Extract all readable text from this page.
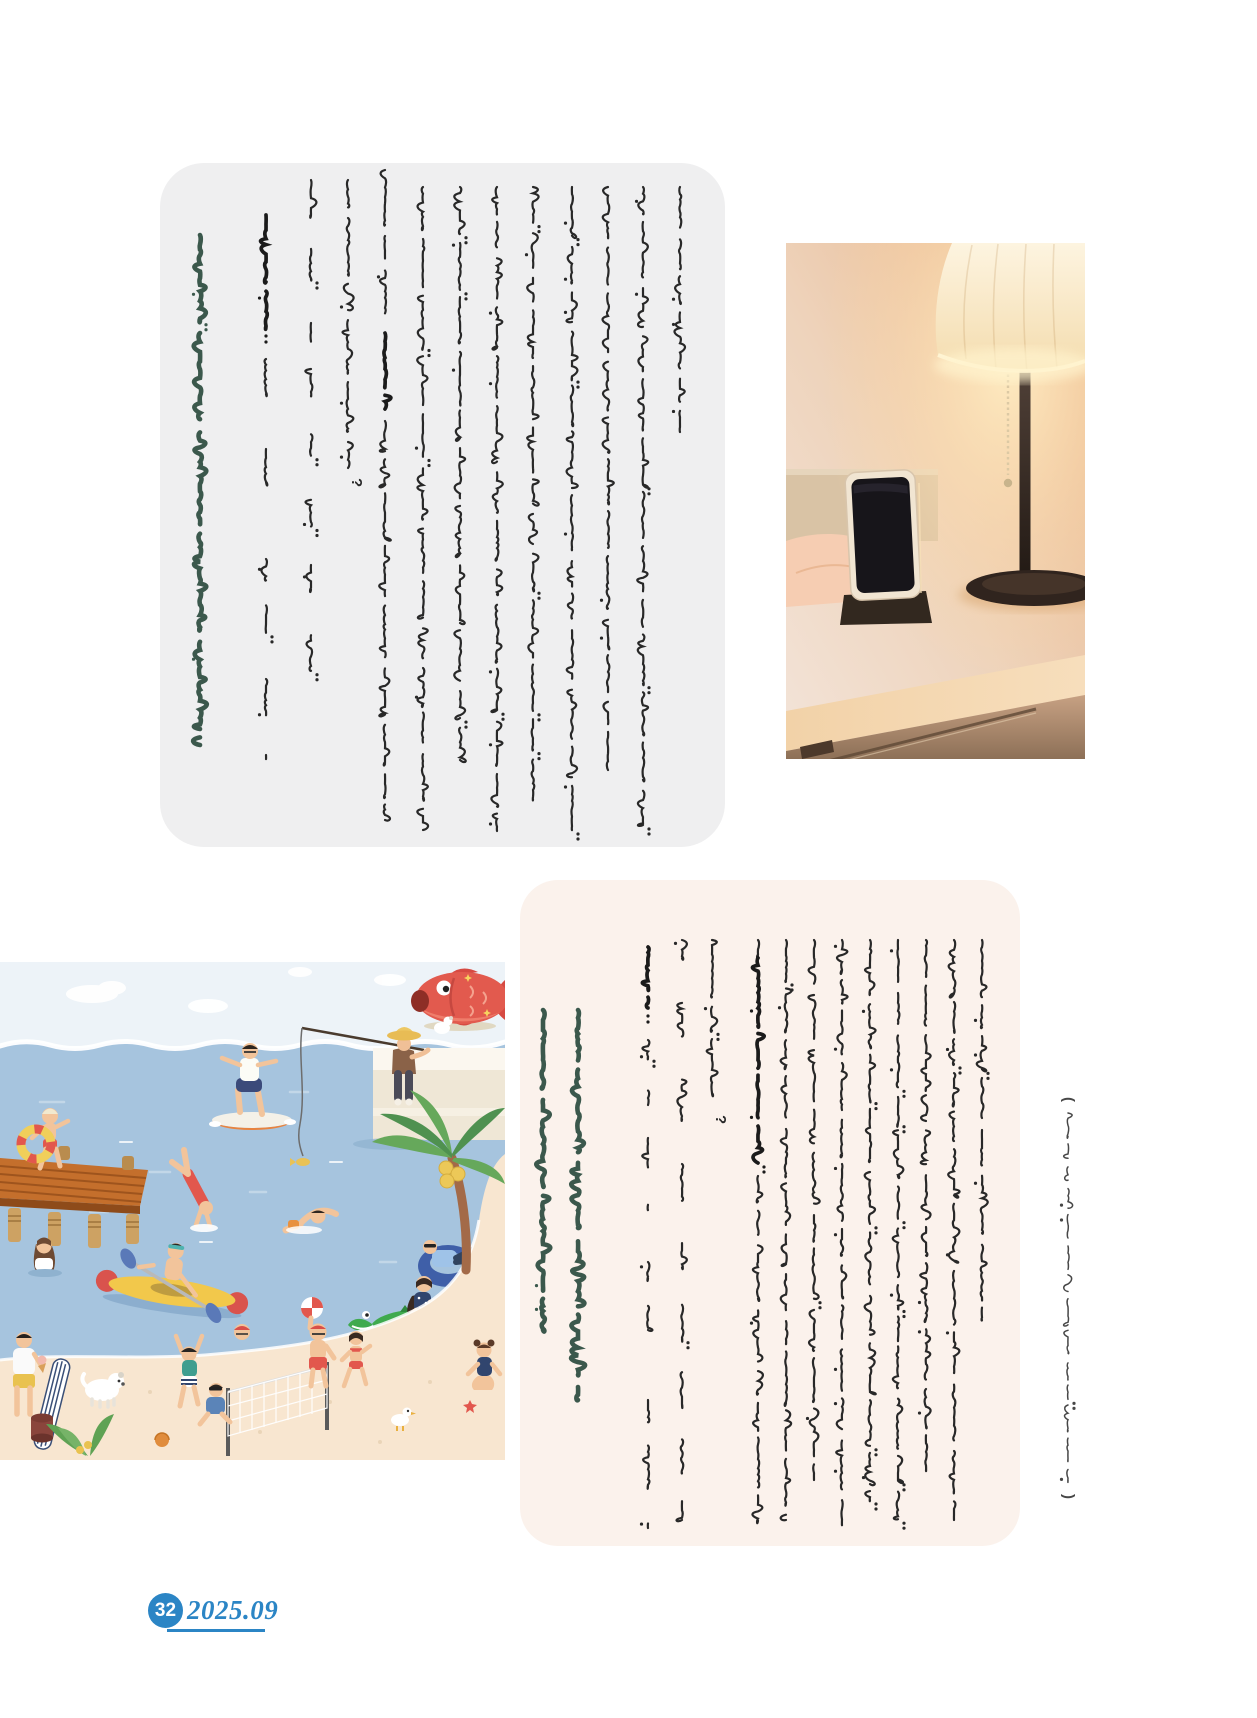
?
?
(
)
32 2025.09
